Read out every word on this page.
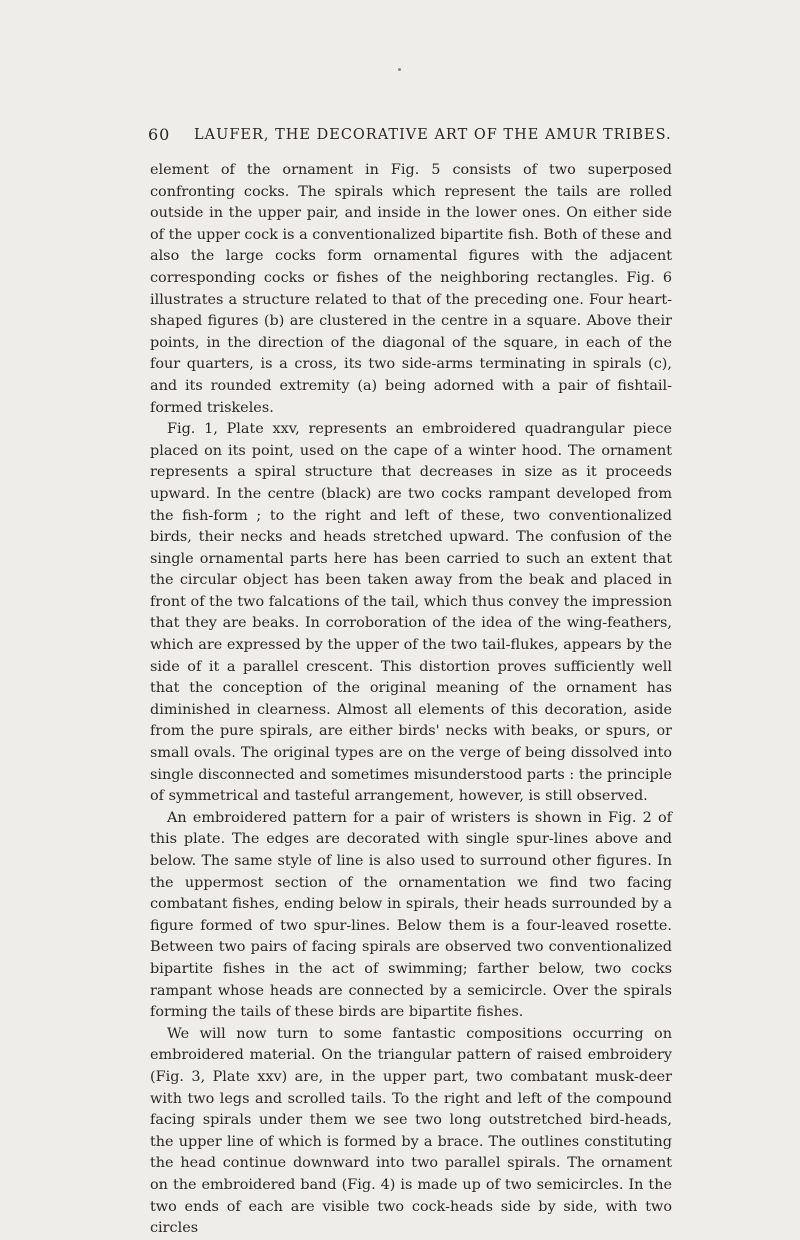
60 LAUFER, THE DECORATIVE ART OF THE AMUR TRIBES.

element of the ornament in Fig. 5 consists of two superposed confronting cocks. The spirals which represent the tails are rolled outside in the upper pair, and inside in the lower ones. On either side of the upper cock is a conventionalized bipartite fish. Both of these and also the large cocks form ornamental figures with the adjacent corresponding cocks or fishes of the neighboring rectangles. Fig. 6 illustrates a structure related to that of the preceding one. Four heart-shaped figures (b) are clustered in the centre in a square. Above their points, in the direction of the diagonal of the square, in each of the four quarters, is a cross, its two side-arms terminating in spirals (c), and its rounded extremity (a) being adorned with a pair of fishtail-formed triskeles.

Fig. 1, Plate xxv, represents an embroidered quadrangular piece placed on its point, used on the cape of a winter hood. The ornament represents a spiral structure that decreases in size as it proceeds upward. In the centre (black) are two cocks rampant developed from the fish-form ; to the right and left of these, two conventionalized birds, their necks and heads stretched upward. The confusion of the single ornamental parts here has been carried to such an extent that the circular object has been taken away from the beak and placed in front of the two falcations of the tail, which thus convey the impression that they are beaks. In corroboration of the idea of the wing-feathers, which are expressed by the upper of the two tail-flukes, appears by the side of it a parallel crescent. This distortion proves sufficiently well that the conception of the original meaning of the ornament has diminished in clearness. Almost all elements of this decoration, aside from the pure spirals, are either birds' necks with beaks, or spurs, or small ovals. The original types are on the verge of being dissolved into single disconnected and sometimes misunderstood parts : the principle of symmetrical and tasteful arrangement, however, is still observed.

An embroidered pattern for a pair of wristers is shown in Fig. 2 of this plate. The edges are decorated with single spur-lines above and below. The same style of line is also used to surround other figures. In the uppermost section of the ornamentation we find two facing combatant fishes, ending below in spirals, their heads surrounded by a figure formed of two spur-lines. Below them is a four-leaved rosette. Between two pairs of facing spirals are observed two conventionalized bipartite fishes in the act of swimming; farther below, two cocks rampant whose heads are connected by a semicircle. Over the spirals forming the tails of these birds are bipartite fishes.

We will now turn to some fantastic compositions occurring on embroidered material. On the triangular pattern of raised embroidery (Fig. 3, Plate xxv) are, in the upper part, two combatant musk-deer with two legs and scrolled tails. To the right and left of the compound facing spirals under them we see two long outstretched bird-heads, the upper line of which is formed by a brace. The outlines constituting the head continue downward into two parallel spirals. The ornament on the embroidered band (Fig. 4) is made up of two semicircles. In the two ends of each are visible two cock-heads side by side, with two circles
